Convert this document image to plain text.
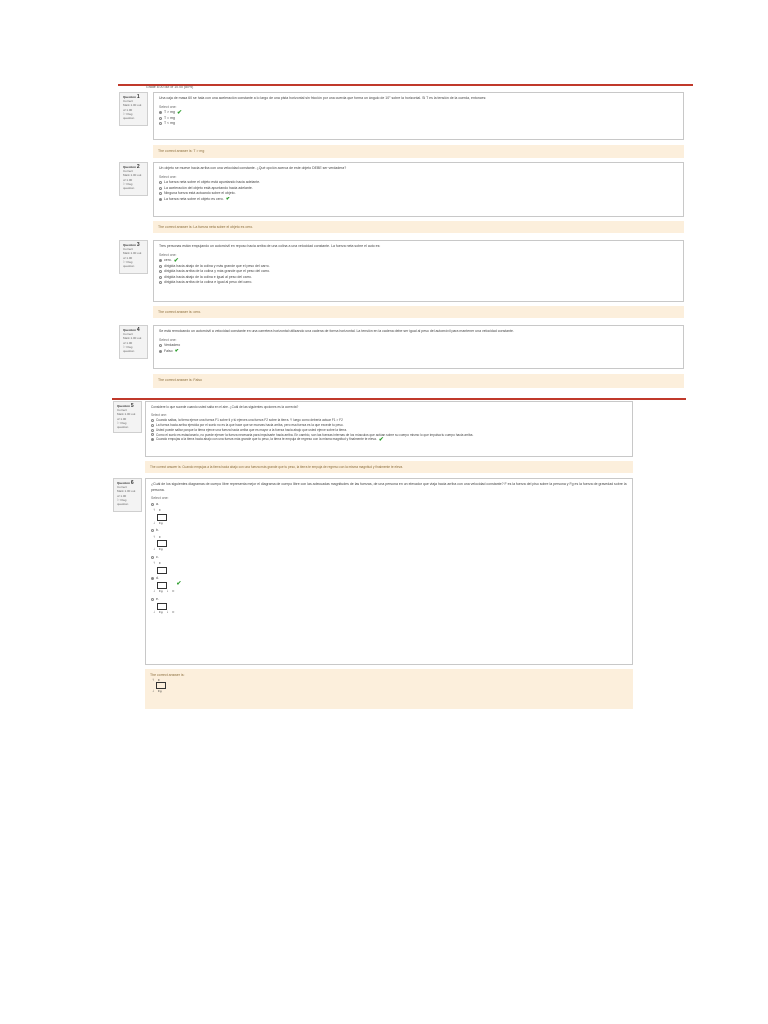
Grade 8.00 out of 10.00 (80%)
Question 1
Correct
Mark 1.00 out of 1.00
⚐ Flag question
Una caja de masa 60 se hala con una aceleración constante a lo largo de una pista horizontal sin fricción por una cuerda que forma un ángulo de 10° sobre la horizontal. Si T es la tensión de la cuerda, entonces:
Select one:
T > mg ✔
T = mg
T < mg
The correct answer is: T > mg
Question 2
Correct
Mark 1.00 out of 1.00
⚐ Flag question
Un objeto se mueve hacia arriba con una velocidad constante. ¿Qué opción acerca de este objeto DEBE ser verdadera?
Select one:
La fuerza neta sobre el objeto está apuntando hacia adelante.
La aceleración del objeto está apuntando hacia adelante.
Ninguna fuerza está actuando sobre el objeto.
La fuerza neta sobre el objeto es cero. ✔
The correct answer is: La fuerza neta sobre el objeto es cero.
Question 3
Correct
Mark 1.00 out of 1.00
⚐ Flag question
Tres personas están empujando un automóvil en reposo hacia arriba de una colina a una velocidad constante. La fuerza neta sobre el auto es:
Select one:
cero. ✔
dirigida hacia abajo de la colina y más grande que el peso del carro.
dirigida hacia arriba de la colina y más grande que el peso del carro.
dirigida hacia abajo de la colina e igual al peso del carro.
dirigida hacia arriba de la colina e igual al peso del carro.
The correct answer is: cero.
Question 4
Correct
Mark 1.00 out of 1.00
⚐ Flag question
Se está remolcando un automóvil a velocidad constante en una carretera horizontal utilizando una cadena de forma horizontal. La tensión en la cadena debe ser igual al peso del automóvil para mantener una velocidad constante.
Select one:
Verdadero
Falso ✔
The correct answer is: Falso
Question 5
Correct
Mark 1.00 out of 1.00
⚐ Flag question
Considere lo que sucede cuando usted salta en el aire. ¿Cuál de las siguientes opciones es la correcta?
Select one:
Cuando saltas, la tierra ejerce una fuerza F1 sobre ti y tú ejerces una fuerza F2 sobre la tierra. Y luego como debería actuar F1 > F2
La fuerza hacia arriba ejercida por el suelo no es la que hace que se muevas hacia arriba, pero esa fuerza es la que excede tu peso.
Usted puede saltar porque la tierra ejerce una fuerza hacia arriba que es mayor a la fuerza hacia abajo que usted ejerce sobre la tierra.
Como el suelo es estacionario, no puede ejercer la fuerza necesaria para impulsarte hacia arriba. En cambio, son las fuerzas internas de los músculos que actúan sobre su cuerpo mismo lo que impulsa tu cuerpo hacia arriba.
Cuando empujas a la tierra hacia abajo con una fuerza más grande que tu peso, la tierra te empuja de regreso con la misma magnitud y finalmente te eleva. ✔
The correct answer is: Cuando empujas a la tierra hacia abajo con una fuerza más grande que tu peso, la tierra te empuja de regreso con la misma magnitud y finalmente te eleva.
Question 6
Correct
Mark 1.00 out of 1.00
⚐ Flag question
¿Cuál de los siguientes diagramas de cuerpo libre representa mejor el diagrama de cuerpo libre con las adecuadas magnitudes de las fuerzas, de una persona en un elevador que viaja hacia arriba con una velocidad constante? F es la fuerza del piso sobre la persona y Fg es la fuerza de gravedad sobre la persona.
Select one:
a.
↑ F
↓ Fg
b.
↑ F
↓ Fg
c.
↑ F
d.
↓ Fg ↓ F
✔
e.
↓ Fg ↓ F
The correct answer is:
↑ F
↓ Fg
